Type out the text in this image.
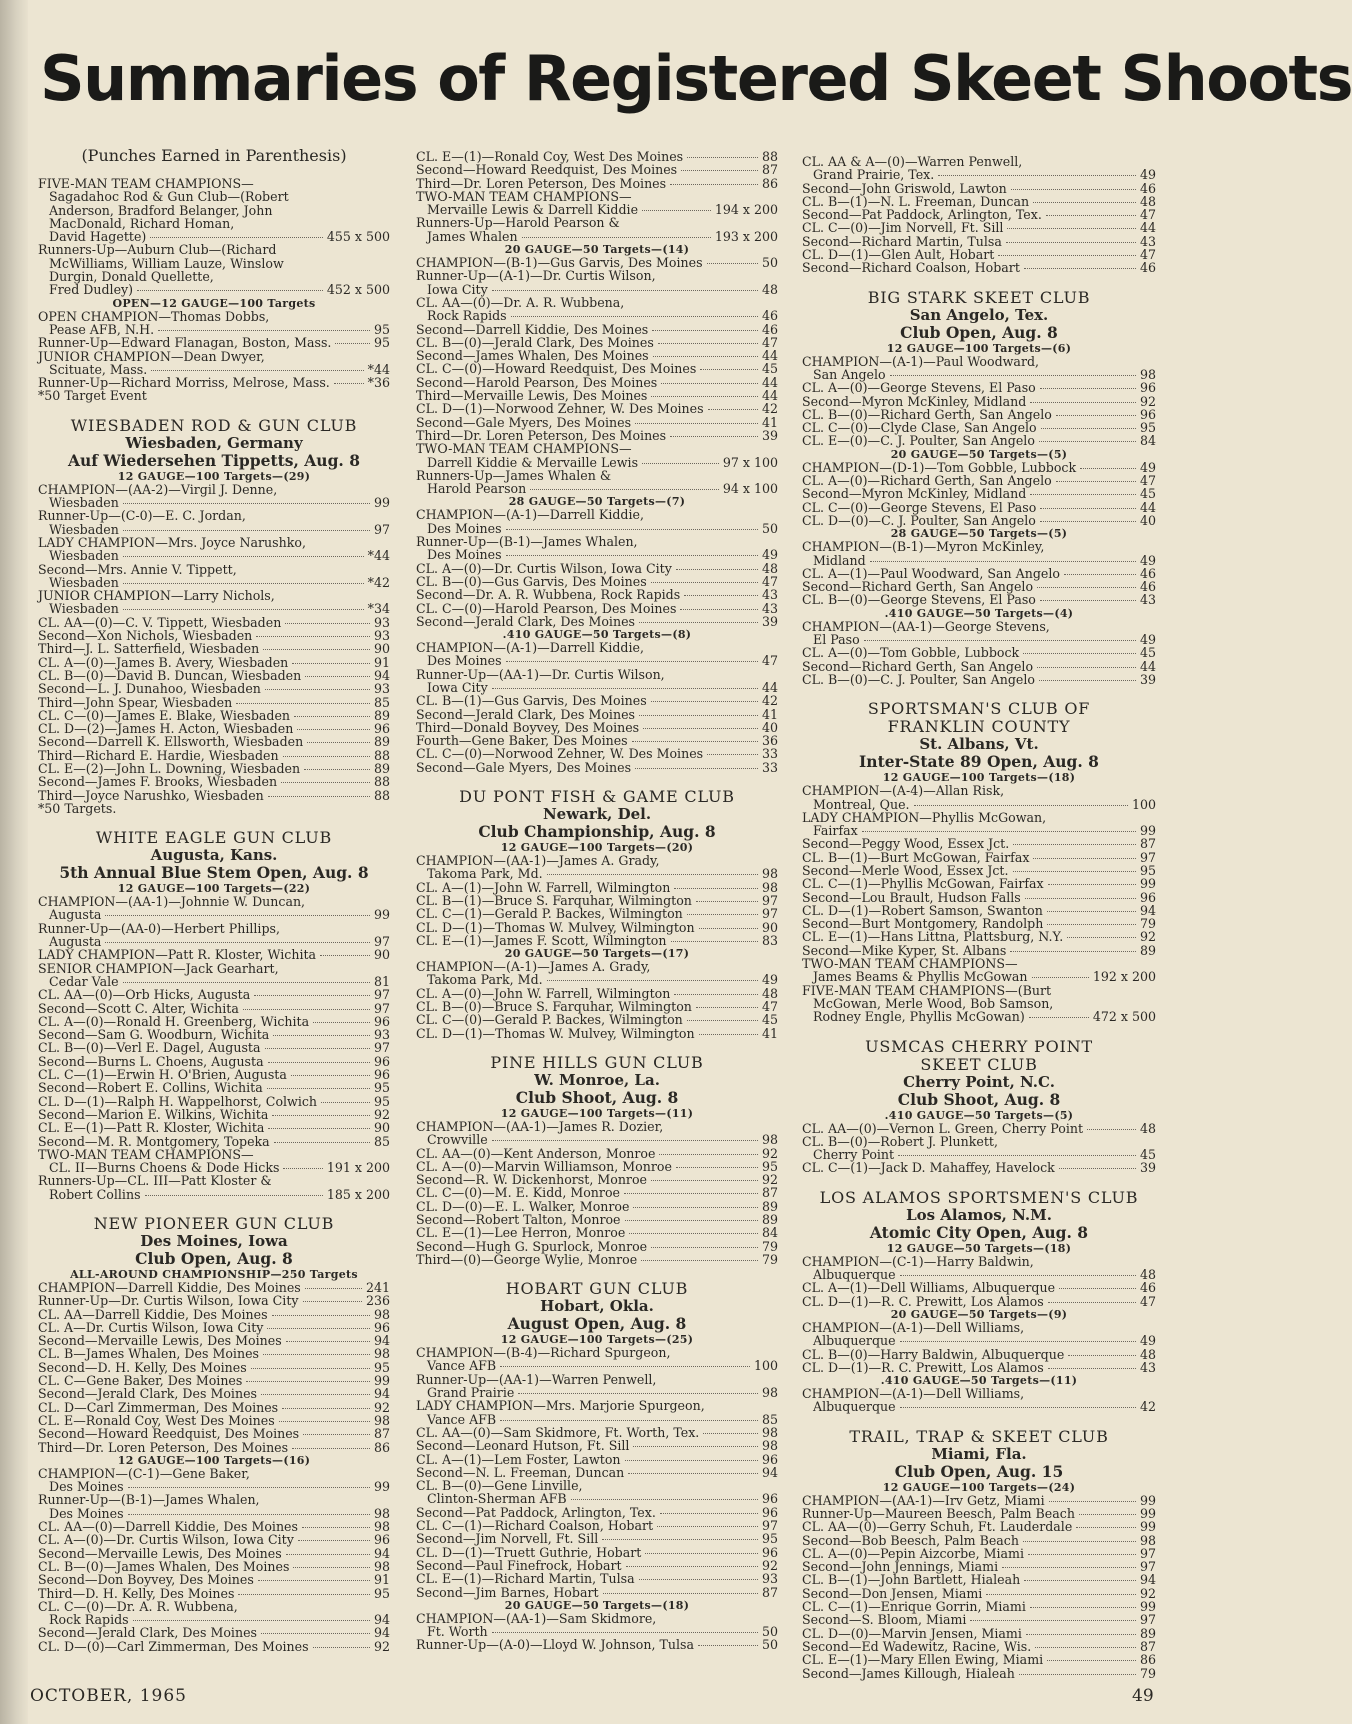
Summaries of Registered Skeet Shoots
(Punches Earned in Parenthesis)
FIVE-MAN TEAM CHAMPIONS—
Sagadahoc Rod & Gun Club—(Robert
Anderson, Bradford Belanger, John
MacDonald, Richard Homan,
David Hagette)	455 x 500
Runners-Up—Auburn Club—(Richard
McWilliams, William Lauze, Winslow
Durgin, Donald Quellette,
Fred Dudley)	452 x 500
OPEN—12 GAUGE—100 Targets
OPEN CHAMPION—Thomas Dobbs,
Pease AFB, N.H.	95
Runner-Up—Edward Flanagan, Boston, Mass.	95
JUNIOR CHAMPION—Dean Dwyer,
Scituate, Mass.	*44
Runner-Up—Richard Morriss, Melrose, Mass.	*36
*50 Target Event
WIESBADEN ROD & GUN CLUB
Wiesbaden, Germany
Auf Wiedersehen Tippetts, Aug. 8
12 GAUGE—100 Targets—(29)
CHAMPION—(AA-2)—Virgil J. Denne,
Wiesbaden	99
Runner-Up—(C-0)—E. C. Jordan,
Wiesbaden	97
LADY CHAMPION—Mrs. Joyce Narushko,
Wiesbaden	*44
Second—Mrs. Annie V. Tippett,
Wiesbaden	*42
JUNIOR CHAMPION—Larry Nichols,
Wiesbaden	*34
CL. AA—(0)—C. V. Tippett, Wiesbaden	93
Second—Xon Nichols, Wiesbaden	93
Third—J. L. Satterfield, Wiesbaden	90
CL. A—(0)—James B. Avery, Wiesbaden	91
CL. B—(0)—David B. Duncan, Wiesbaden	94
Second—L. J. Dunahoo, Wiesbaden	93
Third—John Spear, Wiesbaden	85
CL. C—(0)—James E. Blake, Wiesbaden	89
CL. D—(2)—James H. Acton, Wiesbaden	96
Second—Darrell K. Ellsworth, Wiesbaden	89
Third—Richard E. Hardie, Wiesbaden	88
CL. E—(2)—John L. Downing, Wiesbaden	89
Second—James F. Brooks, Wiesbaden	88
Third—Joyce Narushko, Wiesbaden	88
*50 Targets.
WHITE EAGLE GUN CLUB
Augusta, Kans.
5th Annual Blue Stem Open, Aug. 8
12 GAUGE—100 Targets—(22)
CHAMPION—(AA-1)—Johnnie W. Duncan,
Augusta	99
Runner-Up—(AA-0)—Herbert Phillips,
Augusta	97
LADY CHAMPION—Patt R. Kloster, Wichita	90
SENIOR CHAMPION—Jack Gearhart,
Cedar Vale	81
CL. AA—(0)—Orb Hicks, Augusta	97
Second—Scott C. Alter, Wichita	97
CL. A—(0)—Ronald H. Greenberg, Wichita	96
Second—Sam G. Woodburn, Wichita	93
CL. B—(0)—Verl E. Dagel, Augusta	97
Second—Burns L. Choens, Augusta	96
CL. C—(1)—Erwin H. O'Brien, Augusta	96
Second—Robert E. Collins, Wichita	95
CL. D—(1)—Ralph H. Wappelhorst, Colwich	95
Second—Marion E. Wilkins, Wichita	92
CL. E—(1)—Patt R. Kloster, Wichita	90
Second—M. R. Montgomery, Topeka	85
TWO-MAN TEAM CHAMPIONS—
CL. II—Burns Choens & Dode Hicks	191 x 200
Runners-Up—CL. III—Patt Kloster &
Robert Collins	185 x 200
NEW PIONEER GUN CLUB
Des Moines, Iowa
Club Open, Aug. 8
ALL-AROUND CHAMPIONSHIP—250 Targets
CHAMPION—Darrell Kiddie, Des Moines	241
Runner-Up—Dr. Curtis Wilson, Iowa City	236
CL. AA—Darrell Kiddie, Des Moines	98
CL. A—Dr. Curtis Wilson, Iowa City	96
Second—Mervaille Lewis, Des Moines	94
CL. B—James Whalen, Des Moines	98
Second—D. H. Kelly, Des Moines	95
CL. C—Gene Baker, Des Moines	99
Second—Jerald Clark, Des Moines	94
CL. D—Carl Zimmerman, Des Moines	92
CL. E—Ronald Coy, West Des Moines	98
Second—Howard Reedquist, Des Moines	87
Third—Dr. Loren Peterson, Des Moines	86
12 GAUGE—100 Targets—(16)
CHAMPION—(C-1)—Gene Baker,
Des Moines	99
Runner-Up—(B-1)—James Whalen,
Des Moines	98
CL. AA—(0)—Darrell Kiddie, Des Moines	98
CL. A—(0)—Dr. Curtis Wilson, Iowa City	96
Second—Mervaille Lewis, Des Moines	94
CL. B—(0)—James Whalen, Des Moines	98
Second—Don Boyvey, Des Moines	91
Third—D. H. Kelly, Des Moines	95
CL. C—(0)—Dr. A. R. Wubbena,
Rock Rapids	94
Second—Jerald Clark, Des Moines	94
CL. D—(0)—Carl Zimmerman, Des Moines	92
CL. E—(1)—Ronald Coy, West Des Moines	88
Second—Howard Reedquist, Des Moines	87
Third—Dr. Loren Peterson, Des Moines	86
TWO-MAN TEAM CHAMPIONS—
Mervaille Lewis & Darrell Kiddie	194 x 200
Runners-Up—Harold Pearson &
James Whalen	193 x 200
20 GAUGE—50 Targets—(14)
CHAMPION—(B-1)—Gus Garvis, Des Moines	50
Runner-Up—(A-1)—Dr. Curtis Wilson,
Iowa City	48
CL. AA—(0)—Dr. A. R. Wubbena,
Rock Rapids	46
Second—Darrell Kiddie, Des Moines	46
CL. B—(0)—Jerald Clark, Des Moines	47
Second—James Whalen, Des Moines	44
CL. C—(0)—Howard Reedquist, Des Moines	45
Second—Harold Pearson, Des Moines	44
Third—Mervaille Lewis, Des Moines	44
CL. D—(1)—Norwood Zehner, W. Des Moines	42
Second—Gale Myers, Des Moines	41
Third—Dr. Loren Peterson, Des Moines	39
TWO-MAN TEAM CHAMPIONS—
Darrell Kiddie & Mervaille Lewis	97 x 100
Runners-Up—James Whalen &
Harold Pearson	94 x 100
28 GAUGE—50 Targets—(7)
CHAMPION—(A-1)—Darrell Kiddie,
Des Moines	50
Runner-Up—(B-1)—James Whalen,
Des Moines	49
CL. A—(0)—Dr. Curtis Wilson, Iowa City	48
CL. B—(0)—Gus Garvis, Des Moines	47
Second—Dr. A. R. Wubbena, Rock Rapids	43
CL. C—(0)—Harold Pearson, Des Moines	43
Second—Jerald Clark, Des Moines	39
.410 GAUGE—50 Targets—(8)
CHAMPION—(A-1)—Darrell Kiddie,
Des Moines	47
Runner-Up—(AA-1)—Dr. Curtis Wilson,
Iowa City	44
CL. B—(1)—Gus Garvis, Des Moines	42
Second—Jerald Clark, Des Moines	41
Third—Donald Boyvey, Des Moines	40
Fourth—Gene Baker, Des Moines	36
CL. C—(0)—Norwood Zehner, W. Des Moines	33
Second—Gale Myers, Des Moines	33
DU PONT FISH & GAME CLUB
Newark, Del.
Club Championship, Aug. 8
12 GAUGE—100 Targets—(20)
CHAMPION—(AA-1)—James A. Grady,
Takoma Park, Md.	98
CL. A—(1)—John W. Farrell, Wilmington	98
CL. B—(1)—Bruce S. Farquhar, Wilmington	97
CL. C—(1)—Gerald P. Backes, Wilmington	97
CL. D—(1)—Thomas W. Mulvey, Wilmington	90
CL. E—(1)—James F. Scott, Wilmington	83
20 GAUGE—50 Targets—(17)
CHAMPION—(A-1)—James A. Grady,
Takoma Park, Md.	49
CL. A—(0)—John W. Farrell, Wilmington	48
CL. B—(0)—Bruce S. Farquhar, Wilmington	47
CL. C—(0)—Gerald P. Backes, Wilmington	45
CL. D—(1)—Thomas W. Mulvey, Wilmington	41
PINE HILLS GUN CLUB
W. Monroe, La.
Club Shoot, Aug. 8
12 GAUGE—100 Targets—(11)
CHAMPION—(AA-1)—James R. Dozier,
Crowville	98
CL. AA—(0)—Kent Anderson, Monroe	92
CL. A—(0)—Marvin Williamson, Monroe	95
Second—R. W. Dickenhorst, Monroe	92
CL. C—(0)—M. E. Kidd, Monroe	87
CL. D—(0)—E. L. Walker, Monroe	89
Second—Robert Talton, Monroe	89
CL. E—(1)—Lee Herron, Monroe	84
Second—Hugh G. Spurlock, Monroe	79
Third—(0)—George Wylie, Monroe	79
HOBART GUN CLUB
Hobart, Okla.
August Open, Aug. 8
12 GAUGE—100 Targets—(25)
CHAMPION—(B-4)—Richard Spurgeon,
Vance AFB	100
Runner-Up—(AA-1)—Warren Penwell,
Grand Prairie	98
LADY CHAMPION—Mrs. Marjorie Spurgeon,
Vance AFB	85
CL. AA—(0)—Sam Skidmore, Ft. Worth, Tex.	98
Second—Leonard Hutson, Ft. Sill	98
CL. A—(1)—Lem Foster, Lawton	96
Second—N. L. Freeman, Duncan	94
CL. B—(0)—Gene Linville,
Clinton-Sherman AFB	96
Second—Pat Paddock, Arlington, Tex.	96
CL. C—(1)—Richard Coalson, Hobart	97
Second—Jim Norvell, Ft. Sill	95
CL. D—(1)—Truett Guthrie, Hobart	96
Second—Paul Finefrock, Hobart	92
CL. E—(1)—Richard Martin, Tulsa	93
Second—Jim Barnes, Hobart	87
20 GAUGE—50 Targets—(18)
CHAMPION—(AA-1)—Sam Skidmore,
Ft. Worth	50
Runner-Up—(A-0)—Lloyd W. Johnson, Tulsa	50
CL. AA & A—(0)—Warren Penwell,
Grand Prairie, Tex.	49
Second—John Griswold, Lawton	46
CL. B—(1)—N. L. Freeman, Duncan	48
Second—Pat Paddock, Arlington, Tex.	47
CL. C—(0)—Jim Norvell, Ft. Sill	44
Second—Richard Martin, Tulsa	43
CL. D—(1)—Glen Ault, Hobart	47
Second—Richard Coalson, Hobart	46
BIG STARK SKEET CLUB
San Angelo, Tex.
Club Open, Aug. 8
12 GAUGE—100 Targets—(6)
CHAMPION—(A-1)—Paul Woodward,
San Angelo	98
CL. A—(0)—George Stevens, El Paso	96
Second—Myron McKinley, Midland	92
CL. B—(0)—Richard Gerth, San Angelo	96
CL. C—(0)—Clyde Clase, San Angelo	95
CL. E—(0)—C. J. Poulter, San Angelo	84
20 GAUGE—50 Targets—(5)
CHAMPION—(D-1)—Tom Gobble, Lubbock	49
CL. A—(0)—Richard Gerth, San Angelo	47
Second—Myron McKinley, Midland	45
CL. C—(0)—George Stevens, El Paso	44
CL. D—(0)—C. J. Poulter, San Angelo	40
28 GAUGE—50 Targets—(5)
CHAMPION—(B-1)—Myron McKinley,
Midland	49
CL. A—(1)—Paul Woodward, San Angelo	46
Second—Richard Gerth, San Angelo	46
CL. B—(0)—George Stevens, El Paso	43
.410 GAUGE—50 Targets—(4)
CHAMPION—(AA-1)—George Stevens,
El Paso	49
CL. A—(0)—Tom Gobble, Lubbock	45
Second—Richard Gerth, San Angelo	44
CL. B—(0)—C. J. Poulter, San Angelo	39
SPORTSMAN'S CLUB OF
FRANKLIN COUNTY
St. Albans, Vt.
Inter-State 89 Open, Aug. 8
12 GAUGE—100 Targets—(18)
CHAMPION—(A-4)—Allan Risk,
Montreal, Que.	100
LADY CHAMPION—Phyllis McGowan,
Fairfax	99
Second—Peggy Wood, Essex Jct.	87
CL. B—(1)—Burt McGowan, Fairfax	97
Second—Merle Wood, Essex Jct.	95
CL. C—(1)—Phyllis McGowan, Fairfax	99
Second—Lou Brault, Hudson Falls	96
CL. D—(1)—Robert Samson, Swanton	94
Second—Burt Montgomery, Randolph	79
CL. E—(1)—Hans Littna, Plattsburg, N.Y.	92
Second—Mike Kyper, St. Albans	89
TWO-MAN TEAM CHAMPIONS—
James Beams & Phyllis McGowan	192 x 200
FIVE-MAN TEAM CHAMPIONS—(Burt
McGowan, Merle Wood, Bob Samson,
Rodney Engle, Phyllis McGowan)	472 x 500
USMCAS CHERRY POINT
SKEET CLUB
Cherry Point, N.C.
Club Shoot, Aug. 8
.410 GAUGE—50 Targets—(5)
CL. AA—(0)—Vernon L. Green, Cherry Point	48
CL. B—(0)—Robert J. Plunkett,
Cherry Point	45
CL. C—(1)—Jack D. Mahaffey, Havelock	39
LOS ALAMOS SPORTSMEN'S CLUB
Los Alamos, N.M.
Atomic City Open, Aug. 8
12 GAUGE—50 Targets—(18)
CHAMPION—(C-1)—Harry Baldwin,
Albuquerque	48
CL. A—(1)—Dell Williams, Albuquerque	46
CL. D—(1)—R. C. Prewitt, Los Alamos	47
20 GAUGE—50 Targets—(9)
CHAMPION—(A-1)—Dell Williams,
Albuquerque	49
CL. B—(0)—Harry Baldwin, Albuquerque	48
CL. D—(1)—R. C. Prewitt, Los Alamos	43
.410 GAUGE—50 Targets—(11)
CHAMPION—(A-1)—Dell Williams,
Albuquerque	42
TRAIL, TRAP & SKEET CLUB
Miami, Fla.
Club Open, Aug. 15
12 GAUGE—100 Targets—(24)
CHAMPION—(AA-1)—Irv Getz, Miami	99
Runner-Up—Maureen Beesch, Palm Beach	99
CL. AA—(0)—Gerry Schuh, Ft. Lauderdale	99
Second—Bob Beesch, Palm Beach	98
CL. A—(0)—Pepin Aizcorbe, Miami	97
Second—John Jennings, Miami	97
CL. B—(1)—John Bartlett, Hialeah	94
Second—Don Jensen, Miami	92
CL. C—(1)—Enrique Gorrin, Miami	99
Second—S. Bloom, Miami	97
CL. D—(0)—Marvin Jensen, Miami	89
Second—Ed Wadewitz, Racine, Wis.	87
CL. E—(1)—Mary Ellen Ewing, Miami	86
Second—James Killough, Hialeah	79
OCTOBER, 1965	49
